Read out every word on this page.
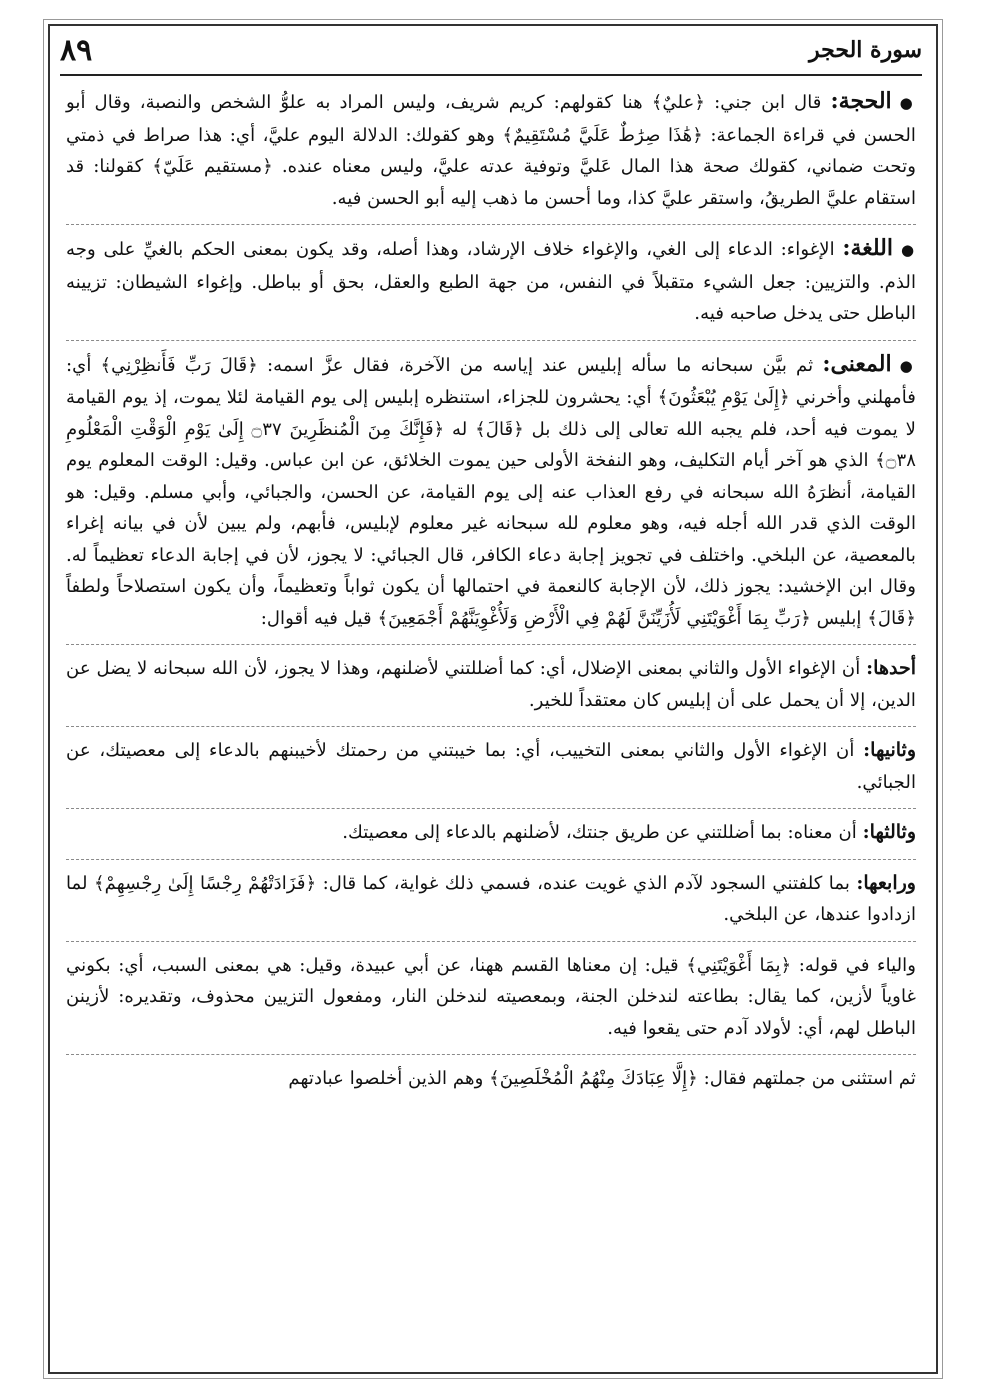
سورة الحجر
٨٩

●الحجة: قال ابن جني: ﴿عليٌ﴾ هنا كقولهم: كريم شريف، وليس المراد به علوُّ الشخص والنصبة، وقال أبو الحسن في قراءة الجماعة: ﴿هَٰذَا صِرَٰطٌ عَلَيَّ مُسْتَقِيمٌ﴾ وهو كقولك: الدلالة اليوم عليَّ، أي: هذا صراط في ذمتي وتحت ضماني، كقولك صحة هذا المال عَليَّ وتوفية عدته عليَّ، وليس معناه عنده. ﴿مستقيم عَلَيّ﴾ كقولنا: قد استقام عليَّ الطريقُ، واستقر عليَّ كذا، وما أحسن ما ذهب إليه أبو الحسن فيه.

●اللغة: الإغواء: الدعاء إلى الغي، والإغواء خلاف الإرشاد، وهذا أصله، وقد يكون بمعنى الحكم بالغيِّ على وجه الذم. والتزيين: جعل الشيء متقبلاً في النفس، من جهة الطبع والعقل، بحق أو بباطل. وإغواء الشيطان: تزيينه الباطل حتى يدخل صاحبه فيه.

●المعنى: ثم بيَّن سبحانه ما سأله إبليس عند إياسه من الآخرة، فقال عزَّ اسمه: ﴿قَالَ رَبِّ فَأَنظِرْنِي﴾ أي: فأمهلني وأخرني ﴿إِلَىٰ يَوْمِ يُبْعَثُونَ﴾ أي: يحشرون للجزاء، استنظره إبليس إلى يوم القيامة لئلا يموت، إذ يوم القيامة لا يموت فيه أحد، فلم يجبه الله تعالى إلى ذلك بل ﴿قَالَ﴾ له ﴿فَإِنَّكَ مِنَ الْمُنظَرِينَ ۝٣٧ إِلَىٰ يَوْمِ الْوَقْتِ الْمَعْلُومِ ۝٣٨﴾ الذي هو آخر أيام التكليف، وهو النفخة الأولى حين يموت الخلائق، عن ابن عباس. وقيل: الوقت المعلوم يوم القيامة، أنظرَهُ الله سبحانه في رفع العذاب عنه إلى يوم القيامة، عن الحسن، والجبائي، وأبي مسلم. وقيل: هو الوقت الذي قدر الله أجله فيه، وهو معلوم لله سبحانه غير معلوم لإبليس، فأبهم، ولم يبين لأن في بيانه إغراء بالمعصية، عن البلخي. واختلف في تجويز إجابة دعاء الكافر، قال الجبائي: لا يجوز، لأن في إجابة الدعاء تعظيماً له. وقال ابن الإخشيد: يجوز ذلك، لأن الإجابة كالنعمة في احتمالها أن يكون ثواباً وتعظيماً، وأن يكون استصلاحاً ولطفاً ﴿قَالَ﴾ إبليس ﴿رَبِّ بِمَا أَغْوَيْتَنِي لَأُزَيِّنَنَّ لَهُمْ فِي الْأَرْضِ وَلَأُغْوِيَنَّهُمْ أَجْمَعِينَ﴾ قيل فيه أقوال:

أحدها: أن الإغواء الأول والثاني بمعنى الإضلال، أي: كما أضللتني لأضلنهم، وهذا لا يجوز، لأن الله سبحانه لا يضل عن الدين، إلا أن يحمل على أن إبليس كان معتقداً للخير.

وثانيها: أن الإغواء الأول والثاني بمعنى التخييب، أي: بما خيبتني من رحمتك لأخيبنهم بالدعاء إلى معصيتك، عن الجبائي.

وثالثها: أن معناه: بما أضللتني عن طريق جنتك، لأضلنهم بالدعاء إلى معصيتك.

ورابعها: بما كلفتني السجود لآدم الذي غويت عنده، فسمي ذلك غواية، كما قال: ﴿فَزَادَتْهُمْ رِجْسًا إِلَىٰ رِجْسِهِمْ﴾ لما ازدادوا عندها، عن البلخي.

والياء في قوله: ﴿بِمَا أَغْوَيْتَنِي﴾ قيل: إن معناها القسم ههنا، عن أبي عبيدة، وقيل: هي بمعنى السبب، أي: بكوني غاوياً لأزين، كما يقال: بطاعته لندخلن الجنة، وبمعصيته لندخلن النار، ومفعول التزيين محذوف، وتقديره: لأزينن الباطل لهم، أي: لأولاد آدم حتى يقعوا فيه.

ثم استثنى من جملتهم فقال: ﴿إِلَّا عِبَادَكَ مِنْهُمُ الْمُخْلَصِينَ﴾ وهم الذين أخلصوا عبادتهم
